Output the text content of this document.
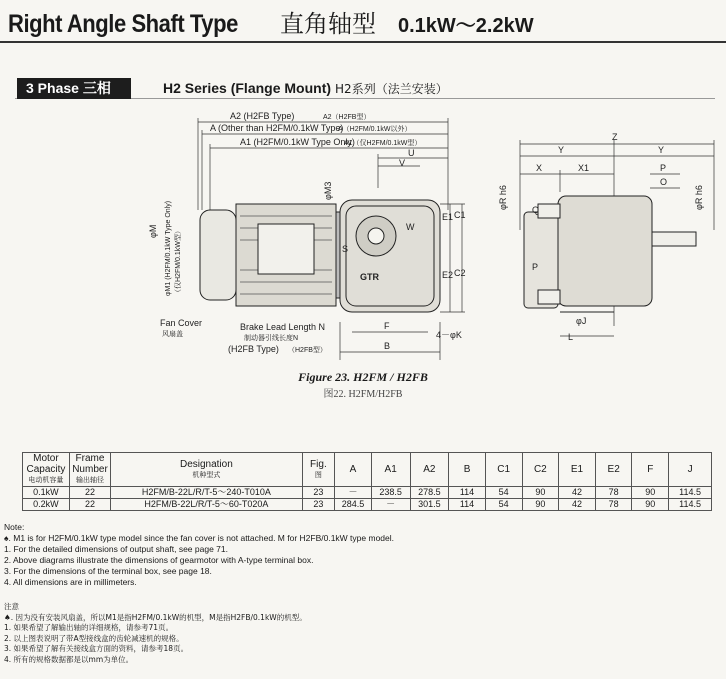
Right Angle Shaft Type 直角轴型 0.1kW～2.2kW
3 Phase 三相	H2 Series (Flange Mount) H2系列（法兰安装）
A2 (H2FB Type)	A2（H2FB型）
A (Other than H2FM/0.1kW Type)
A（H2FM/0.1kW以外）
A1 (H2FM/0.1kW Type Only)
A1（仅H2FM/0.1kW型）
U
V
GTR
φM3
φM φM1 (H2FM/0.1kW Type Only) （仅H2FM/0.1kW型）	S
W
E1 C1
E2 C2
F
B
4－φK
Fan Cover
风扇盖
Brake Lead Length N
制动器引线长度N
(H2FB Type) （H2FB型）
Z
Y	Y
X	X1	P
O
Q
φR h6	φR h6
P
φJ
L
Figure 23. H2FM / H2FB
图22. H2FM/H2FB
Motor Capacity
电动机容量	Frame Number
输出轴径	Designation
机种型式	Fig.
图	A	A1	A2	B	C1	C2	E1	E2	F	J
0.1kW	22	H2FM/B-22L/R/T-5～240-T010A	23	－	238.5	278.5	114	54	90	42	78	90	114.5
0.2kW	22	H2FM/B-22L/R/T-5～60-T020A	23	284.5	－	301.5	114	54	90	42	78	90	114.5
Note:
♠. M1 is for H2FM/0.1kW type model since the fan cover is not attached. M for H2FB/0.1kW type model.
1. For the detailed dimensions of output shaft, see page 71.
2. Above diagrams illustrate the dimensions of gearmotor with A-type terminal box.
3. For the dimensions of the terminal box, see page 18.
4. All dimensions are in millimeters.
注意
♠. 因为没有安装风扇盖，所以M1是指H2FM/0.1kW的机型，M是指H2FB/0.1kW的机型。
1. 如果希望了解输出轴的详细规格，请参考71页。
2. 以上图表说明了带A型接线盒的齿轮减速机的规格。
3. 如果希望了解有关接线盒方面的资料，请参考18页。
4. 所有的规格数据都是以mm为单位。
